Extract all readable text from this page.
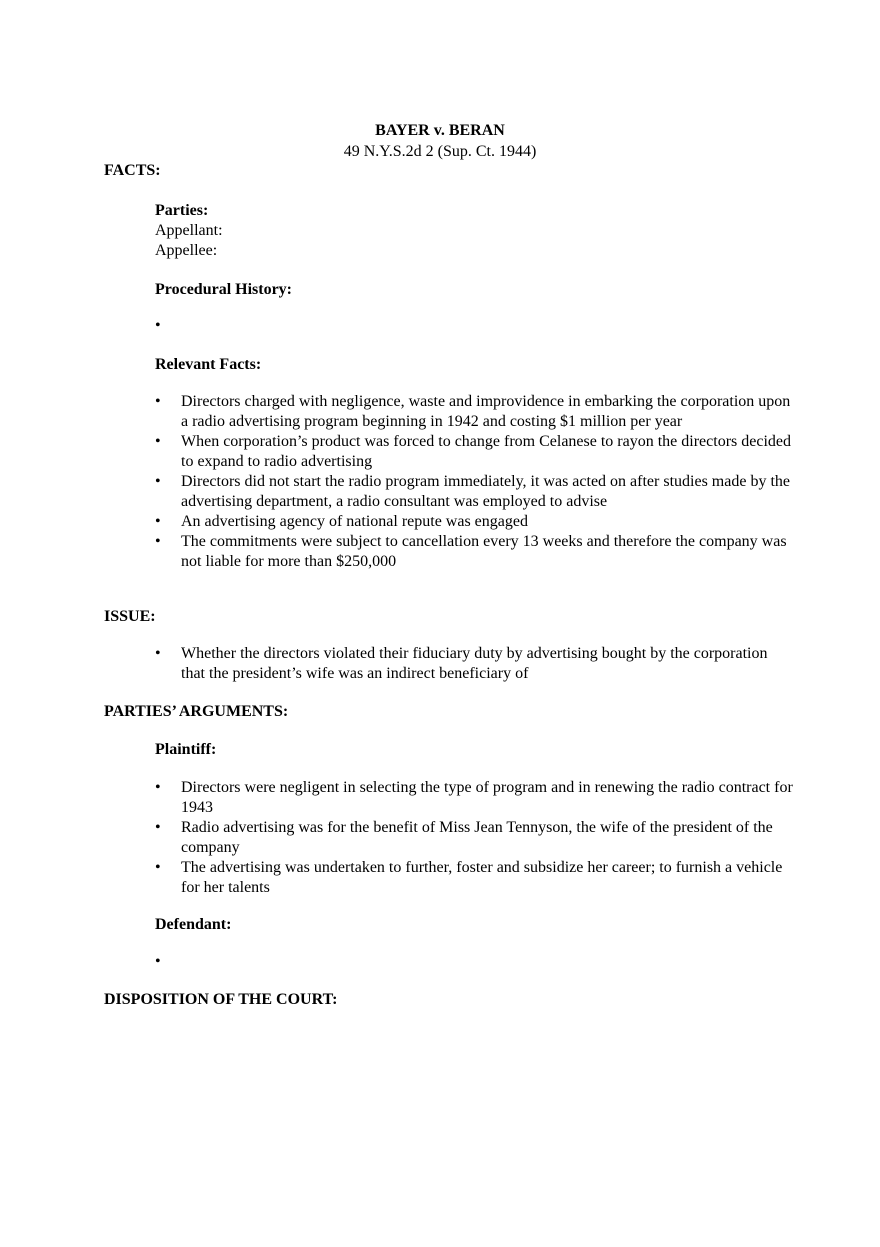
BAYER v. BERAN
49 N.Y.S.2d 2 (Sup. Ct. 1944)
FACTS:
Parties:
Appellant:
Appellee:
Procedural History:
•
Relevant Facts:
• Directors charged with negligence, waste and improvidence in embarking the corporation upon a radio advertising program beginning in 1942 and costing $1 million per year
• When corporation’s product was forced to change from Celanese to rayon the directors decided to expand to radio advertising
• Directors did not start the radio program immediately, it was acted on after studies made by the advertising department, a radio consultant was employed to advise
• An advertising agency of national repute was engaged
• The commitments were subject to cancellation every 13 weeks and therefore the company was not liable for more than $250,000
ISSUE:
• Whether the directors violated their fiduciary duty by advertising bought by the corporation that the president’s wife was an indirect beneficiary of
PARTIES’ ARGUMENTS:
Plaintiff:
• Directors were negligent in selecting the type of program and in renewing the radio contract for 1943
• Radio advertising was for the benefit of Miss Jean Tennyson, the wife of the president of the company
• The advertising was undertaken to further, foster and subsidize her career; to furnish a vehicle for her talents
Defendant:
•
DISPOSITION OF THE COURT:
